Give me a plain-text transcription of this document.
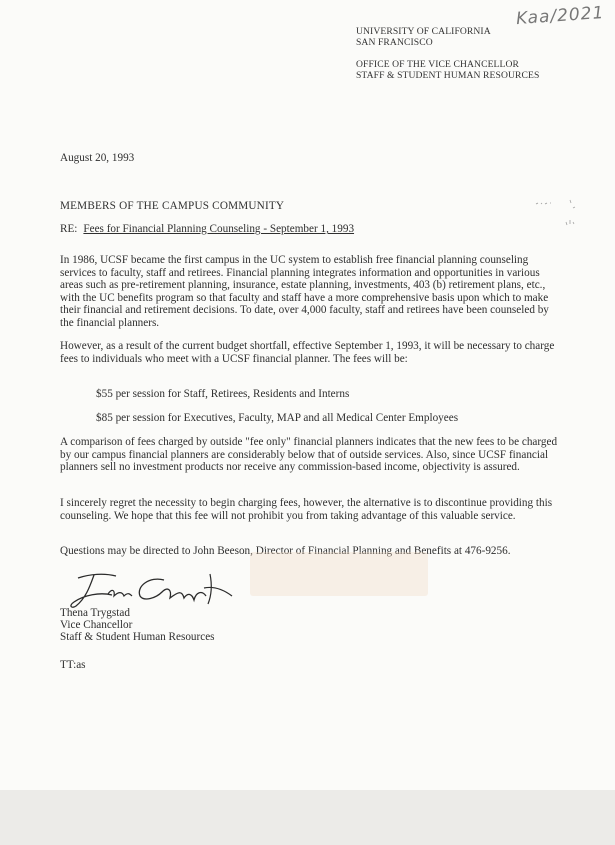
UNIVERSITY OF CALIFORNIA
SAN FRANCISCO
OFFICE OF THE VICE CHANCELLOR
STAFF & STUDENT HUMAN RESOURCES
Kaa/2021
August 20, 1993
MEMBERS OF THE CAMPUS COMMUNITY
RE: Fees for Financial Planning Counseling - September 1, 1993
In 1986, UCSF became the first campus in the UC system to establish free financial planning counseling services to faculty, staff and retirees. Financial planning integrates information and opportunities in various areas such as pre-retirement planning, insurance, estate planning, investments, 403 (b) retirement plans, etc., with the UC benefits program so that faculty and staff have a more comprehensive basis upon which to make their financial and retirement decisions. To date, over 4,000 faculty, staff and retirees have been counseled by the financial planners.
However, as a result of the current budget shortfall, effective September 1, 1993, it will be necessary to charge fees to individuals who meet with a UCSF financial planner. The fees will be:
$55 per session for Staff, Retirees, Residents and Interns
$85 per session for Executives, Faculty, MAP and all Medical Center Employees
A comparison of fees charged by outside "fee only" financial planners indicates that the new fees to be charged by our campus financial planners are considerably below that of outside services. Also, since UCSF financial planners sell no investment products nor receive any commission-based income, objectivity is assured.
I sincerely regret the necessity to begin charging fees, however, the alternative is to discontinue providing this counseling. We hope that this fee will not prohibit you from taking advantage of this valuable service.
Questions may be directed to John Beeson, Director of Financial Planning and Benefits at 476-9256.
Thena Trygstad
Vice Chancellor
Staff & Student Human Resources
TT:as
